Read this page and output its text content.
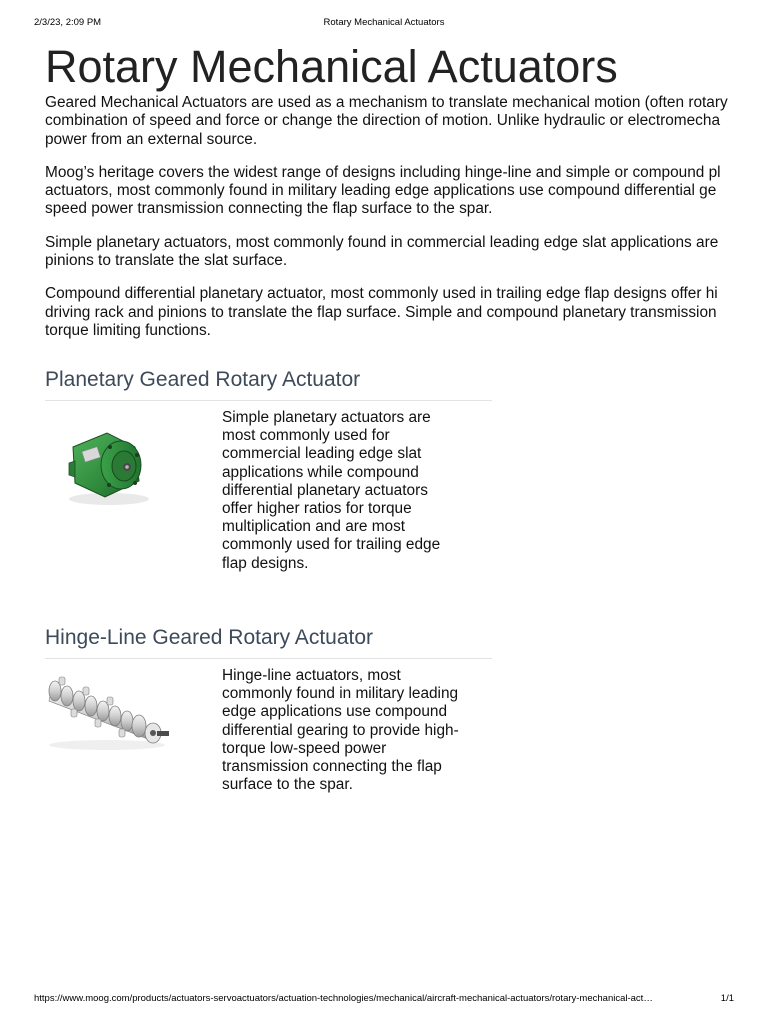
2/3/23, 2:09 PM	Rotary Mechanical Actuators
Rotary Mechanical Actuators

Geared Mechanical Actuators are used as a mechanism to translate mechanical motion (often rotary
combination of speed and force or change the direction of motion. Unlike hydraulic or electromecha
power from an external source.

Moog’s heritage covers the widest range of designs including hinge-line and simple or compound pl
actuators, most commonly found in military leading edge applications use compound differential ge
speed power transmission connecting the flap surface to the spar.

Simple planetary actuators, most commonly found in commercial leading edge slat applications are
pinions to translate the slat surface.

Compound differential planetary actuator, most commonly used in trailing edge flap designs offer hi
driving rack and pinions to translate the flap surface. Simple and compound planetary transmission
torque limiting functions.

Planetary Geared Rotary Actuator
Simple planetary actuators are
most commonly used for
commercial leading edge slat
applications while compound
differential planetary actuators
offer higher ratios for torque
multiplication and are most
commonly used for trailing edge
flap designs.
Hinge-Line Geared Rotary Actuator
Hinge-line actuators, most
commonly found in military leading
edge applications use compound
differential gearing to provide high-
torque low-speed power
transmission connecting the flap
surface to the spar.
https://www.moog.com/products/actuators-servoactuators/actuation-technologies/mechanical/aircraft-mechanical-actuators/rotary-mechanical-act…	1/1
